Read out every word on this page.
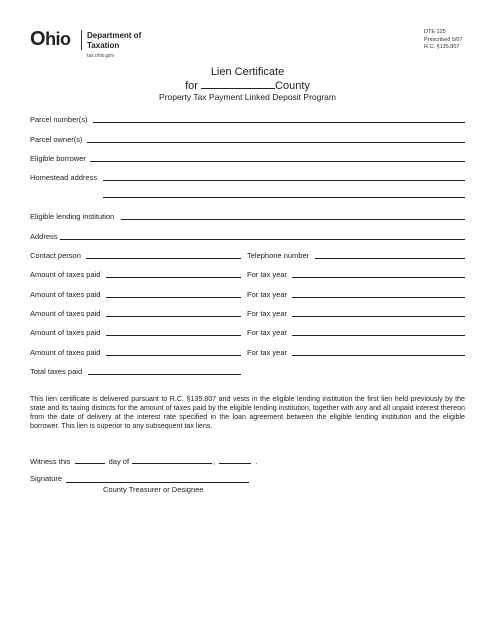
Ohio Department of
Taxation
tax.ohio.gov
DTE 125
Prescribed 5/07
R.C. §135.807
Lien Certificate
for	County
Property Tax Payment Linked Deposit Program
Parcel number(s)
Parcel owner(s)
Eligible borrower
Homestead address
Eligible lending institution
Address
Contact person	Telephone number
Amount of taxes paid	For tax year
Amount of taxes paid	For tax year
Amount of taxes paid	For tax year
Amount of taxes paid	For tax year
Amount of taxes paid	For tax year
Total taxes paid
This lien certificate is delivered pursuant to R.C. §135.807 and vests in the eligible lending institution the first lien held previously by the state and its taxing districts for the amount of taxes paid by the eligible lending institution, together with any and all unpaid interest thereon from the date of delivery at the interest rate specified in the loan agreement between the eligible lending institution and the eligible borrower. This lien is superior to any subsequent tax liens.
Witness this	day of	,	.
Signature
County Treasurer or Designee
